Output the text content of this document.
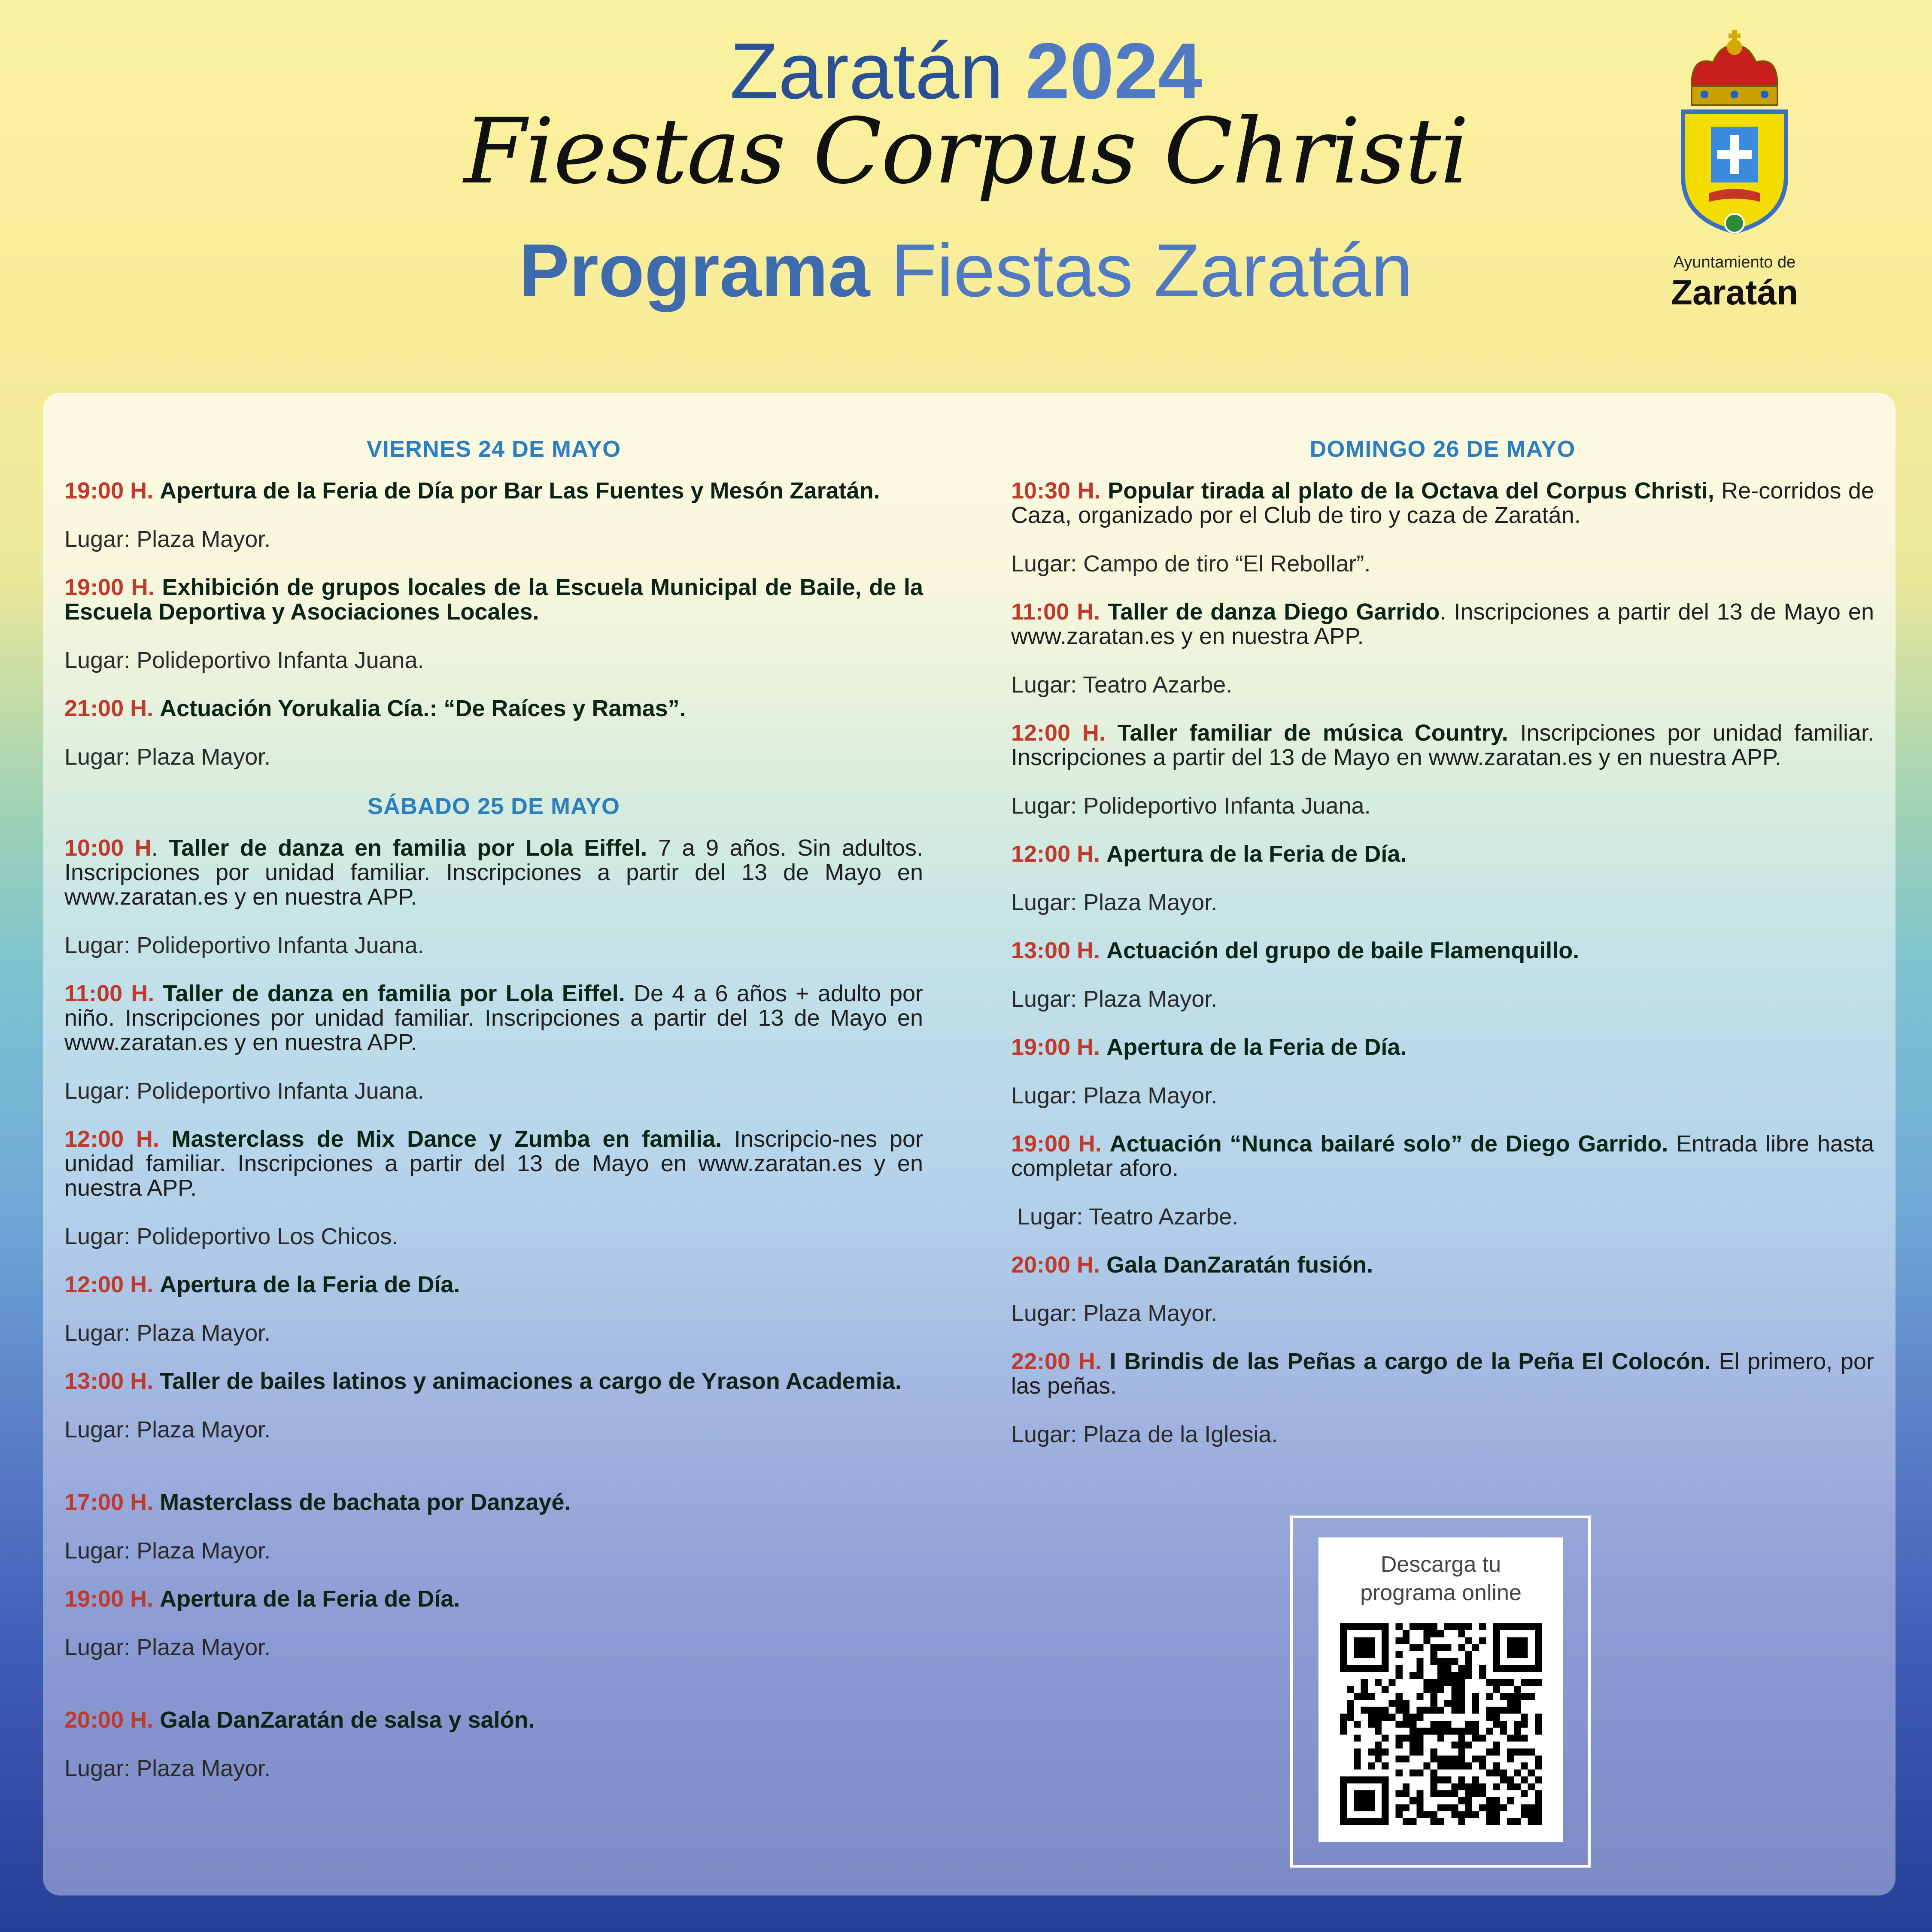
Zaratán 2024
Fiestas Corpus Christi
Programa Fiestas Zaratán	Ayuntamiento de
Zaratán
VIERNES 24 DE MAYO

19:00 H. Apertura de la Feria de Día por Bar Las Fuentes y Mesón Zaratán.

Lugar: Plaza Mayor.

19:00 H. Exhibición de grupos locales de la Escuela Municipal de Baile, de la Escuela Deportiva y Asociaciones Locales.

Lugar: Polideportivo Infanta Juana.

21:00 H. Actuación Yorukalia Cía.: “De Raíces y Ramas”.

Lugar: Plaza Mayor.

SÁBADO 25 DE MAYO

10:00 H. Taller de danza en familia por Lola Eiffel. 7 a 9 años. Sin adultos. Inscripciones por unidad familiar. Inscripciones a partir del 13 de Mayo en www.zaratan.es y en nuestra APP.

Lugar: Polideportivo Infanta Juana.

11:00 H. Taller de danza en familia por Lola Eiffel. De 4 a 6 años + adulto por niño. Inscripciones por unidad familiar. Inscripciones a partir del 13 de Mayo en www.zaratan.es y en nuestra APP.

Lugar: Polideportivo Infanta Juana.

12:00 H. Masterclass de Mix Dance y Zumba en familia. Inscripcio-nes por unidad familiar. Inscripciones a partir del 13 de Mayo en www.zaratan.es y en nuestra APP.

Lugar: Polideportivo Los Chicos.

12:00 H. Apertura de la Feria de Día.

Lugar: Plaza Mayor.

13:00 H. Taller de bailes latinos y animaciones a cargo de Yrason Academia.

Lugar: Plaza Mayor.

17:00 H. Masterclass de bachata por Danzayé.

Lugar: Plaza Mayor.

19:00 H. Apertura de la Feria de Día.

Lugar: Plaza Mayor.

20:00 H. Gala DanZaratán de salsa y salón.

Lugar: Plaza Mayor.

DOMINGO 26 DE MAYO

10:30 H. Popular tirada al plato de la Octava del Corpus Christi, Re-corridos de Caza, organizado por el Club de tiro y caza de Zaratán.

Lugar: Campo de tiro “El Rebollar”.

11:00 H. Taller de danza Diego Garrido. Inscripciones a partir del 13 de Mayo en www.zaratan.es y en nuestra APP.

Lugar: Teatro Azarbe.

12:00 H. Taller familiar de música Country. Inscripciones por unidad familiar. Inscripciones a partir del 13 de Mayo en www.zaratan.es y en nuestra APP.

Lugar: Polideportivo Infanta Juana.

12:00 H. Apertura de la Feria de Día.

Lugar: Plaza Mayor.

13:00 H. Actuación del grupo de baile Flamenquillo.

Lugar: Plaza Mayor.

19:00 H. Apertura de la Feria de Día.

Lugar: Plaza Mayor.

19:00 H. Actuación “Nunca bailaré solo” de Diego Garrido. Entrada libre hasta completar aforo.

Lugar: Teatro Azarbe.

20:00 H. Gala DanZaratán fusión.

Lugar: Plaza Mayor.

22:00 H. I Brindis de las Peñas a cargo de la Peña El Colocón. El primero, por las peñas.

Lugar: Plaza de la Iglesia.

Descarga tu
programa online
